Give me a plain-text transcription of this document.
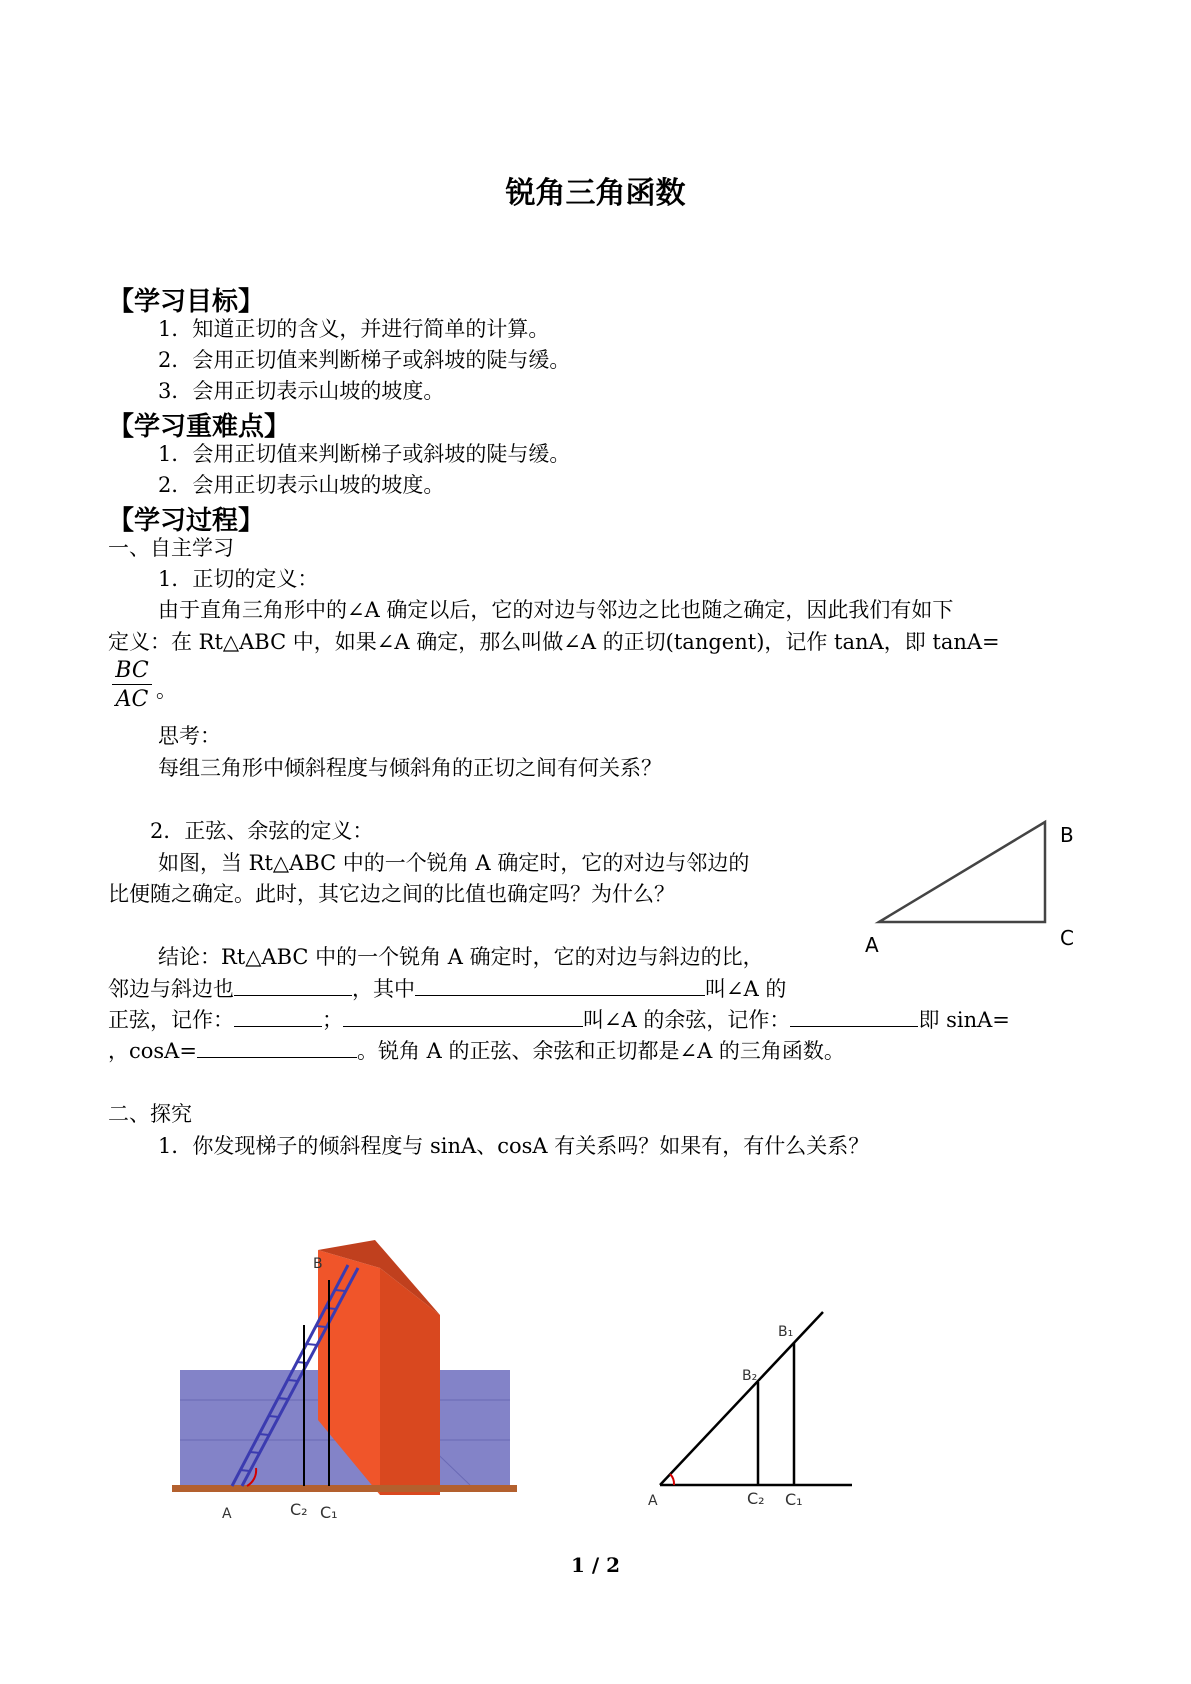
锐角三角函数
【学习目标】
1．知道正切的含义，并进行简单的计算。
2．会用正切值来判断梯子或斜坡的陡与缓。
3．会用正切表示山坡的坡度。
【学习重难点】
1．会用正切值来判断梯子或斜坡的陡与缓。
2．会用正切表示山坡的坡度。
【学习过程】
一、自主学习
1．正切的定义：
由于直角三角形中的∠A 确定以后，它的对边与邻边之比也随之确定，因此我们有如下
定义：在 Rt△ABC 中，如果∠A 确定，那么叫做∠A 的正切(tangent)，记作 tanA，即 tanA=
$\frac{BC}{AC}$ 。
思考：
每组三角形中倾斜程度与倾斜角的正切之间有何关系？
2．正弦、余弦的定义：
如图，当 Rt△ABC 中的一个锐角 A 确定时，它的对边与邻边的
比便随之确定。此时，其它边之间的比值也确定吗？为什么？
A
B
C
结论：Rt△ABC 中的一个锐角 A 确定时，它的对边与斜边的比，
邻边与斜边也	，其中	叫∠A 的
正弦，记作：	；	叫∠A 的余弦，记作：	即 sinA=
，cosA=	。锐角 A 的正弦、余弦和正切都是∠A 的三角函数。
二、探究
1．你发现梯子的倾斜程度与 sinA、cosA 有关系吗？如果有，有什么关系？
A
B
C₂ C₁
A
B₁
B₂
C₂ C₁
1 / 2
